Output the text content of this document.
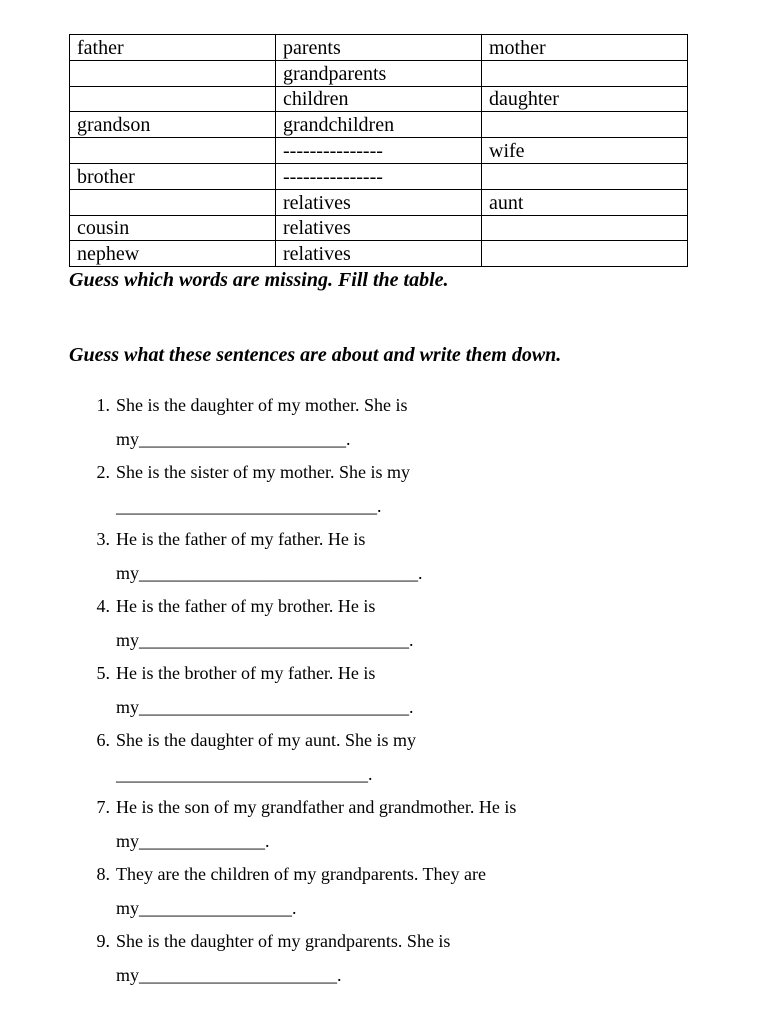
father	parents	mother
	grandparents	
	children	daughter
grandson	grandchildren	
	---------------	wife
brother	---------------	
	relatives	aunt
cousin	relatives	
nephew	relatives	

Guess which words are missing. Fill the table.

Guess what these sentences are about and write them down.

1. She is the daughter of my mother. She is
my_______________________.
2. She is the sister of my mother. She is my
_____________________________.
3. He is the father of my father. He is
my_______________________________.
4. He is the father of my brother. He is
my______________________________.
5. He is the brother of my father. He is
my______________________________.
6. She is the daughter of my aunt. She is my
____________________________.
7. He is the son of my grandfather and grandmother. He is
my______________.
8. They are the children of my grandparents. They are
my_________________.
9. She is the daughter of my grandparents. She is
my______________________.
